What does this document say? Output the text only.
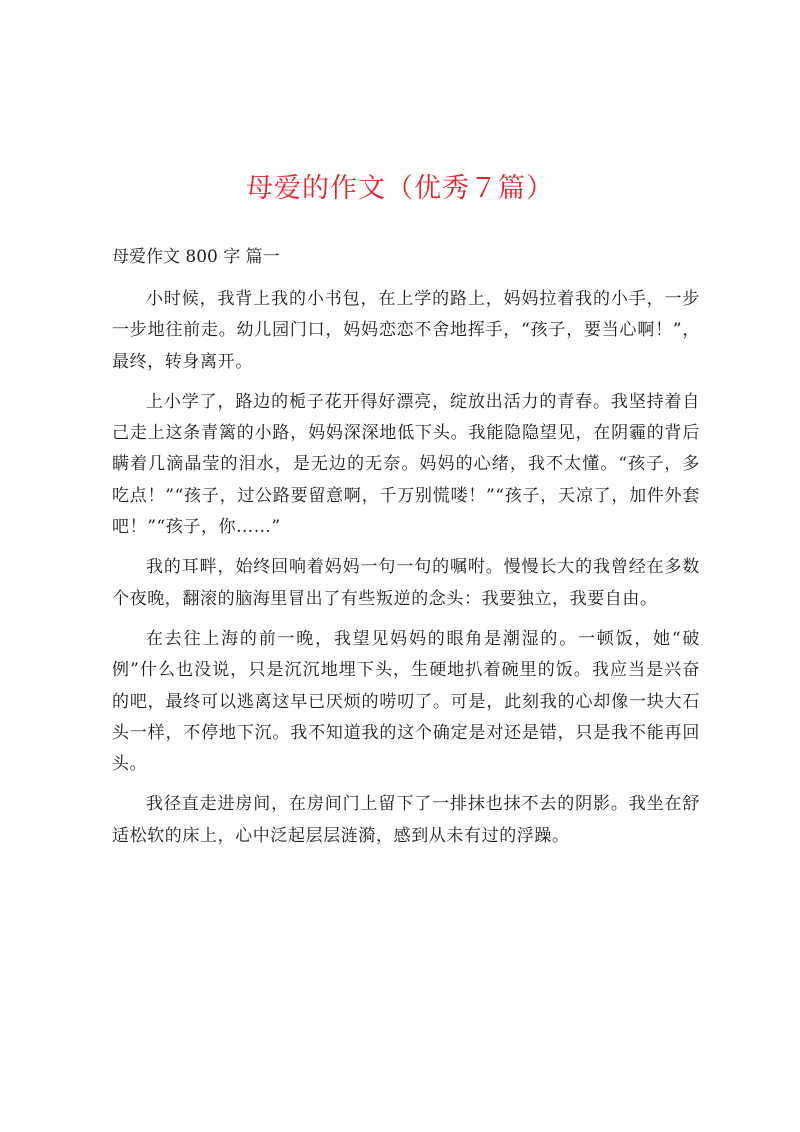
母爱的作文（优秀７篇）
母爱作文 800 字 篇一

小时候，我背上我的小书包，在上学的路上，妈妈拉着我的小手，一步一步地往前走。幼儿园门口，妈妈恋恋不舍地挥手，“孩子，要当心啊！”，最终，转身离开。

上小学了，路边的栀子花开得好漂亮，绽放出活力的青春。我坚持着自己走上这条青篱的小路，妈妈深深地低下头。我能隐隐望见，在阴霾的背后瞒着几滴晶莹的泪水，是无边的无奈。妈妈的心绪，我不太懂。“孩子，多吃点！”“孩子，过公路要留意啊，千万别慌喽！”“孩子，天凉了，加件外套吧！”“孩子，你……”

我的耳畔，始终回响着妈妈一句一句的嘱咐。慢慢长大的我曾经在多数个夜晚，翻滚的脑海里冒出了有些叛逆的念头：我要独立，我要自由。

在去往上海的前一晚，我望见妈妈的眼角是潮湿的。一顿饭，她“破例”什么也没说，只是沉沉地埋下头，生硬地扒着碗里的饭。我应当是兴奋的吧，最终可以逃离这早已厌烦的唠叨了。可是，此刻我的心却像一块大石头一样，不停地下沉。我不知道我的这个确定是对还是错，只是我不能再回头。

我径直走进房间，在房间门上留下了一排抹也抹不去的阴影。我坐在舒适松软的床上，心中泛起层层涟漪，感到从未有过的浮躁。
